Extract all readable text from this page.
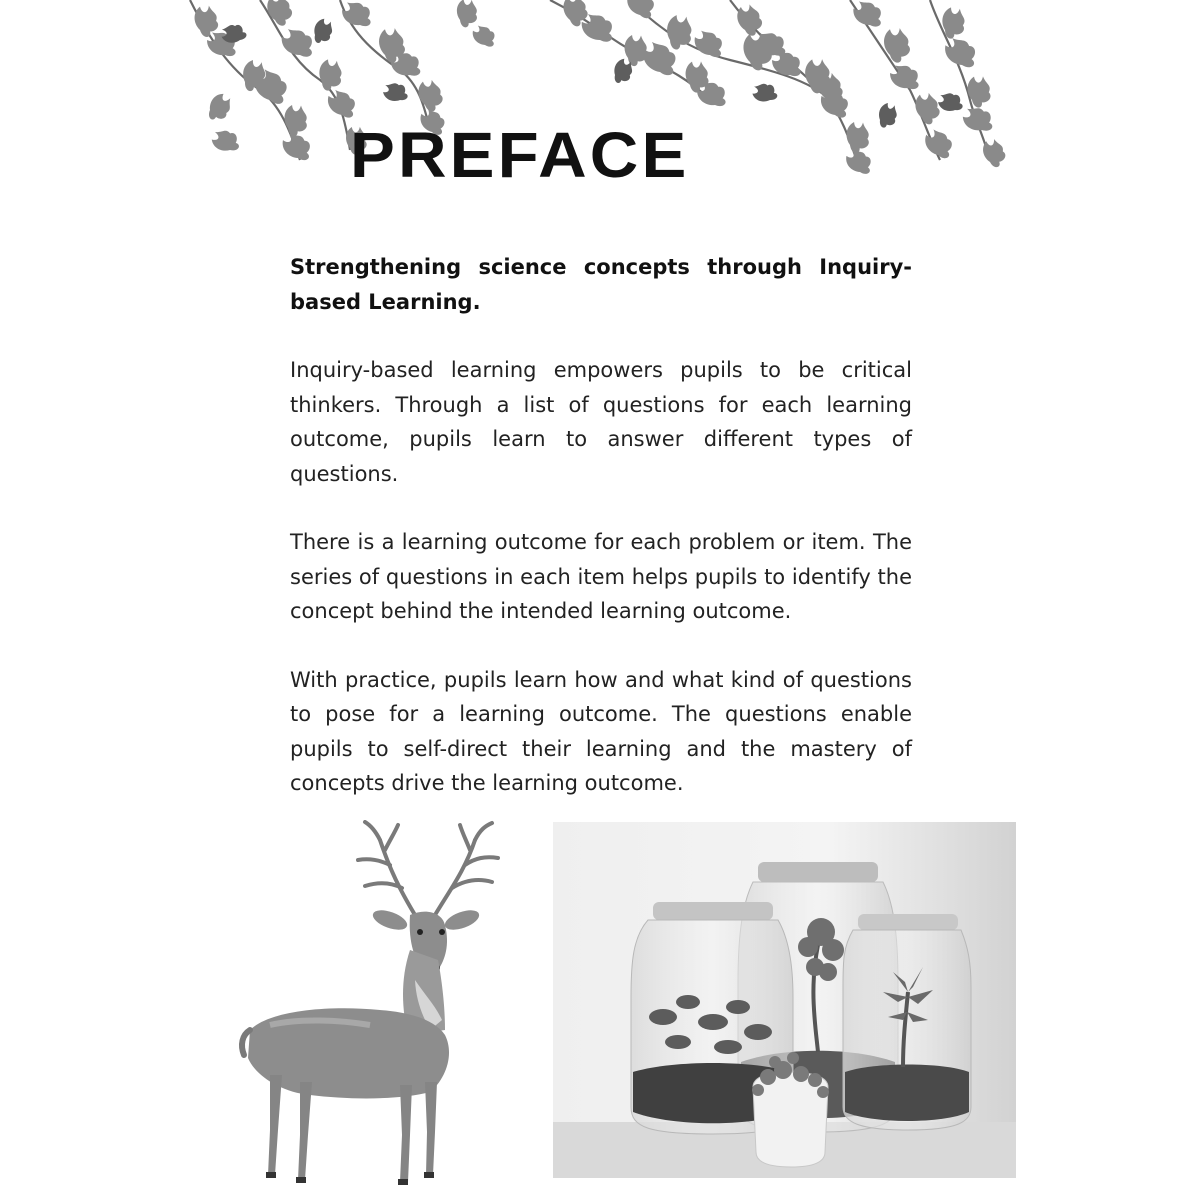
PREFACE

Strengthening science concepts through Inquiry-based Learning.

Inquiry-based learning empowers pupils to be critical thinkers. Through a list of questions for each learning outcome, pupils learn to answer different types of questions.

There is a learning outcome for each problem or item. The series of questions in each item helps pupils to identify the concept behind the intended learning outcome.

With practice, pupils learn how and what kind of questions to pose for a learning outcome. The questions enable pupils to self-direct their learning and the mastery of concepts drive the learning outcome.
